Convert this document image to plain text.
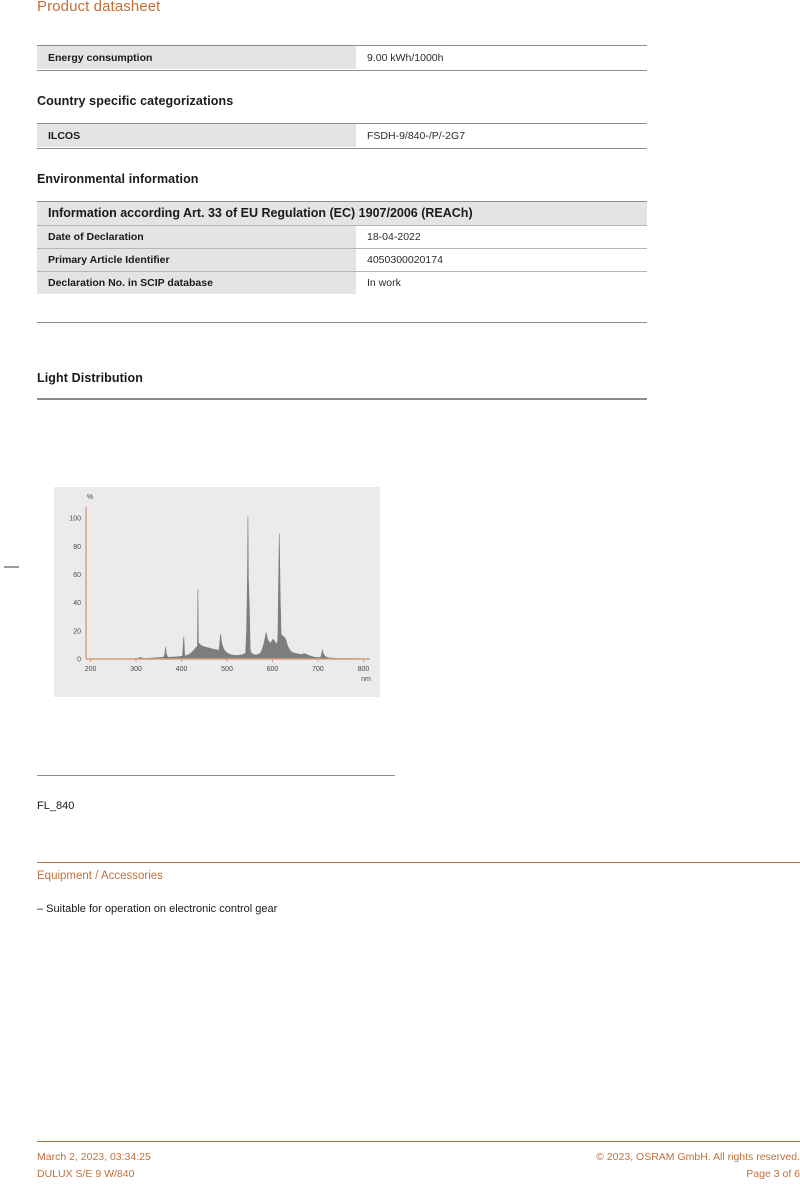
Product datasheet
Energy consumption	9.00 kWh/1000h
Country specific categorizations
ILCOS	FSDH-9/840-/P/-2G7
Environmental information
Information according Art. 33 of EU Regulation (EC) 1907/2006 (REACh)	
Date of Declaration	18-04-2022
Primary Article Identifier	4050300020174
Declaration No. in SCIP database	In work
Light Distribution
%
0
20
40
60
80
100
200	300	400	500	600	700	800
nm
FL_840
Equipment / Accessories
– Suitable for operation on electronic control gear
March 2, 2023, 03:34:25
DULUX S/E 9 W/840
© 2023, OSRAM GmbH. All rights reserved.
Page 3 of 6
